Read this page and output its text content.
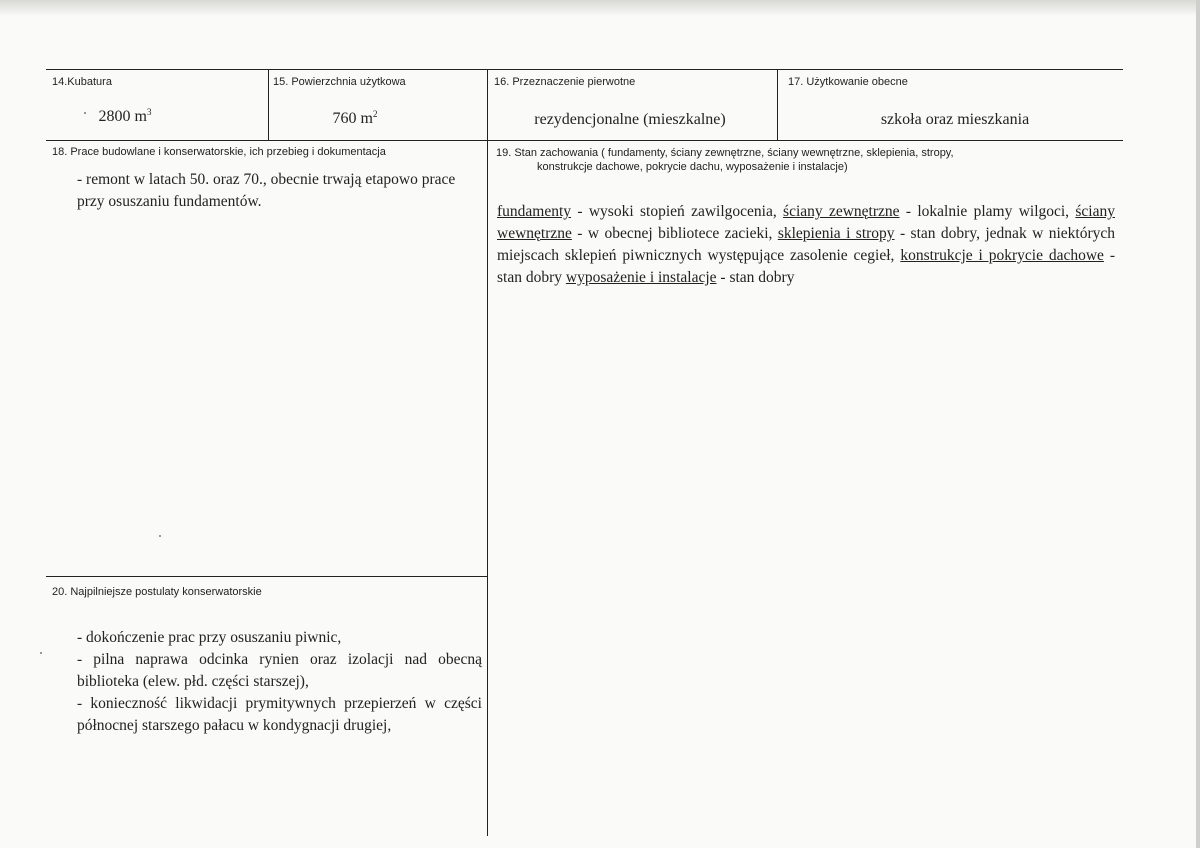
14.Kubatura
2800 $m^3$
15. Powierzchnia użytkowa
760 $m^2$
16. Przeznaczenie pierwotne
rezydencjonalne (mieszkalne)
17. Użytkowanie obecne
szkoła oraz mieszkania
18. Prace budowlane i konserwatorskie, ich przebieg i dokumentacja
- remont w latach 50. oraz 70., obecnie trwają etapowo prace
przy osuszaniu fundamentów.
19. Stan zachowania ( fundamenty, ściany zewnętrzne, ściany wewnętrzne, sklepienia, stropy,
konstrukcje dachowe, pokrycie dachu, wyposażenie i instalacje)
fundamenty - wysoki stopień zawilgocenia, ściany zewnętrzne - lokalnie plamy wilgoci, ściany wewnętrzne - w obecnej bibliotece zacieki, sklepienia i stropy - stan dobry, jednak w niektórych miejscach sklepień piwnicznych występujące zasolenie cegieł, konstrukcje i pokrycie dachowe - stan dobry wyposażenie i instalacje - stan dobry
20. Najpilniejsze postulaty konserwatorskie
- dokończenie prac przy osuszaniu piwnic,
- pilna naprawa odcinka rynien oraz izolacji nad obecną biblioteka (elew. płd. części starszej),
- konieczność likwidacji prymitywnych przepierzeń w części północnej starszego pałacu w kondygnacji drugiej,
